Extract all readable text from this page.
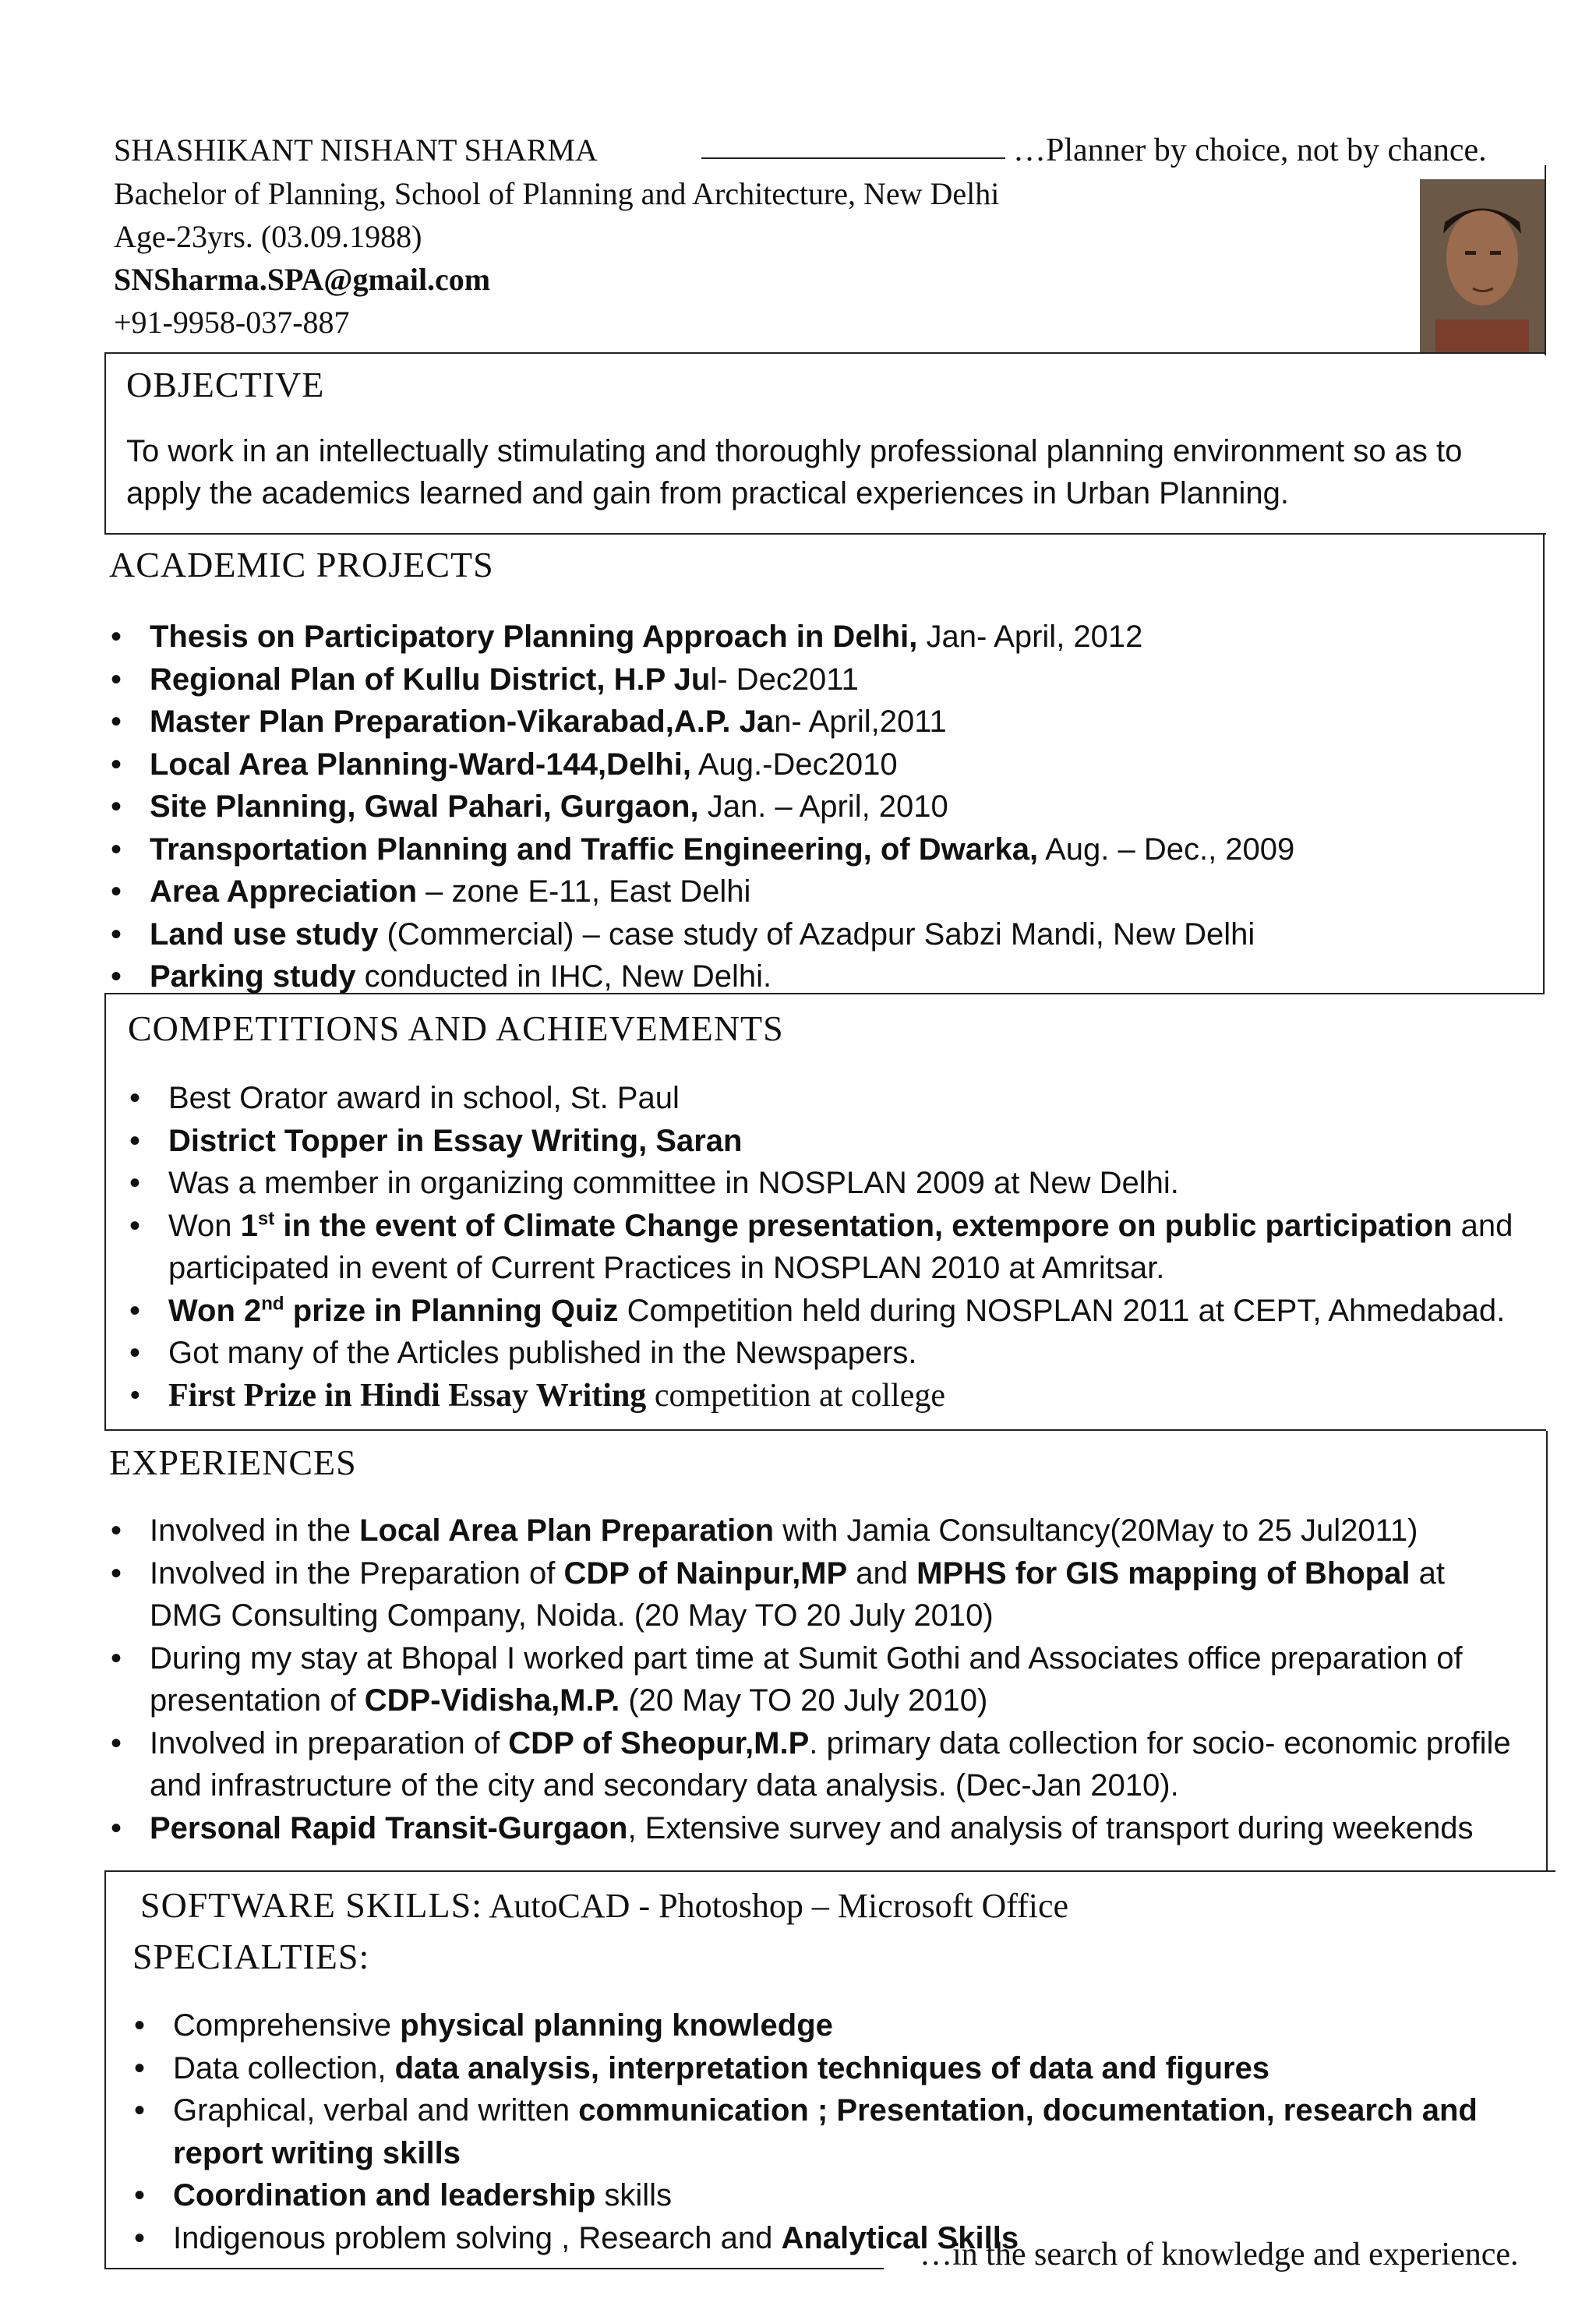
SHASHIKANT NISHANT SHARMA	…Planner by choice, not by chance.
Bachelor of Planning, School of Planning and Architecture, New Delhi
Age-23yrs. (03.09.1988)
SNSharma.SPA@gmail.com
+91-9958-037-887
OBJECTIVE
To work in an intellectually stimulating and thoroughly professional planning environment so as to apply the academics learned and gain from practical experiences in Urban Planning.
ACADEMIC PROJECTS
• Thesis on Participatory Planning Approach in Delhi, Jan- April, 2012
• Regional Plan of Kullu District, H.P Jul- Dec2011
• Master Plan Preparation-Vikarabad,A.P. Jan- April,2011
• Local Area Planning-Ward-144,Delhi, Aug.-Dec2010
• Site Planning, Gwal Pahari, Gurgaon, Jan. – April, 2010
• Transportation Planning and Traffic Engineering, of Dwarka, Aug. – Dec., 2009
• Area Appreciation – zone E-11, East Delhi
• Land use study (Commercial) – case study of Azadpur Sabzi Mandi, New Delhi
• Parking study conducted in IHC, New Delhi.
COMPETITIONS AND ACHIEVEMENTS
• Best Orator award in school, St. Paul
• District Topper in Essay Writing, Saran
• Was a member in organizing committee in NOSPLAN 2009 at New Delhi.
• Won 1st in the event of Climate Change presentation, extempore on public participation and participated in event of Current Practices in NOSPLAN 2010 at Amritsar.
• Won 2nd prize in Planning Quiz Competition held during NOSPLAN 2011 at CEPT, Ahmedabad.
• Got many of the Articles published in the Newspapers.
• First Prize in Hindi Essay Writing competition at college
EXPERIENCES
• Involved in the Local Area Plan Preparation with Jamia Consultancy(20May to 25 Jul2011)
• Involved in the Preparation of CDP of Nainpur,MP and MPHS for GIS mapping of Bhopal at DMG Consulting Company, Noida. (20 May TO 20 July 2010)
• During my stay at Bhopal I worked part time at Sumit Gothi and Associates office preparation of presentation of CDP-Vidisha,M.P. (20 May TO 20 July 2010)
• Involved in preparation of CDP of Sheopur,M.P. primary data collection for socio- economic profile and infrastructure of the city and secondary data analysis. (Dec-Jan 2010).
• Personal Rapid Transit-Gurgaon, Extensive survey and analysis of transport during weekends
SOFTWARE SKILLS: AutoCAD - Photoshop – Microsoft Office
SPECIALTIES:
• Comprehensive physical planning knowledge
• Data collection, data analysis, interpretation techniques of data and figures
• Graphical, verbal and written communication ; Presentation, documentation, research and report writing skills
• Coordination and leadership skills
• Indigenous problem solving , Research and Analytical Skills
…in the search of knowledge and experience.
